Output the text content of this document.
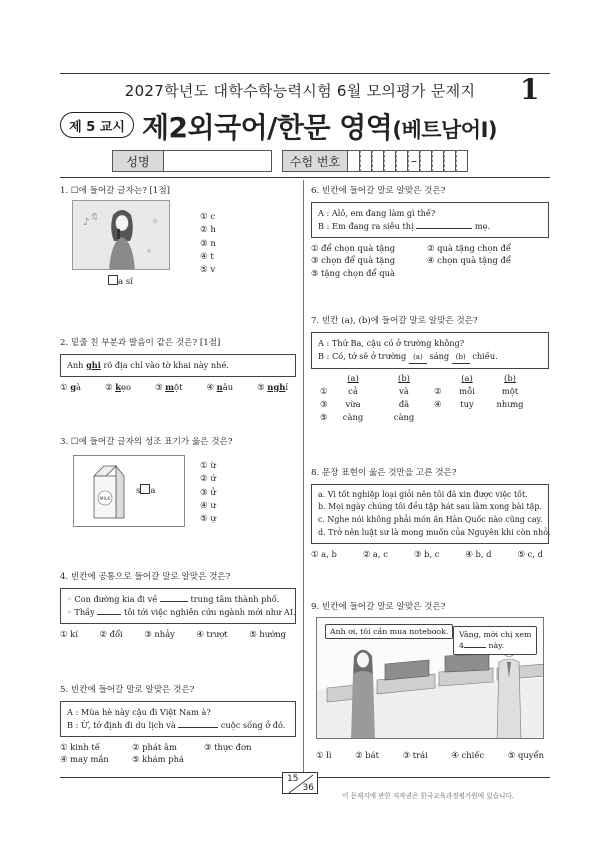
2027학년도 대학수학능력시험 6월 모의평가 문제지	1
제 5 교시 제2외국어/한문 영역(베트남어Ⅰ)
성명	수험 번호	–
1. ☐에 들어갈 글자는? [1점]
♪
♫
a sĩ
① c
② h
③ n
④ t
⑤ v
2. 밑줄 친 부분과 발음이 같은 것은? [1점]
Anh ghi rõ địa chỉ vào tờ khai này nhé.
① gà	② kẹo	③ một	④ nâu	⑤ nghỉ
3. ☐에 들어갈 글자의 성조 표기가 옳은 것은?
MILK
s a
① ừ
② ứ
③ ử
④ ư
⑤ ự
4. 빈칸에 공통으로 들어갈 말로 알맞은 것은?
◦ Con đường kia đi về	trung tâm thành phố.
◦ Thầy	tôi tới việc nghiên cứu ngành mới như AI.
① kí	② đổi	③ nhảy	④ trượt	⑤ hướng
5. 빈칸에 들어갈 말로 알맞은 것은?
A : Mùa hè này cậu đi Việt Nam à?
B : Ừ, tớ định đi du lịch và	cuộc sống ở đó.
① kinh tế	② phát âm	③ thực đơn
④ may mắn	⑤ khám phá
6. 빈칸에 들어갈 말로 알맞은 것은?
A : Alô, em đang làm gì thế?
B : Em đang ra siêu thị	mẹ.
① để chọn quà tặng	② quà tặng chọn để
③ chọn để quà tặng	④ chọn quà tặng để
⑤ tặng chọn để quà
7. 빈칸 (a), (b)에 들어갈 말로 알맞은 것은?
A : Thứ Ba, cậu có ở trường không?
B : Có, tớ sẽ ở trường (a) sáng (b) chiều.
(a)	(b)	(a)	(b)
①	cả	và	②	mỗi	một
③	vừa	đã	④	tuy	nhưng
⑤	càng	càng
8. 문장 표현이 옳은 것만을 고른 것은?
a. Vì tốt nghiệp loại giỏi nên tôi đã xin được việc tốt.
b. Mọi ngày chúng tôi đều tập hát sau làm xong bài tập.
c. Nghe nói không phải món ăn Hàn Quốc nào cũng cay.
d. Trở nên luật sư là mong muốn của Nguyên khi còn nhỏ.
① a, b	② a, c	③ b, c	④ b, d	⑤ c, d
9. 빈칸에 들어갈 말로 알맞은 것은?
Anh ơi, tôi cần mua notebook.	Vâng, mời chị xem
4	này.
① lì	② bát	③ trái	④ chiếc	⑤ quyển
15
36
이 문제지에 관한 저작권은 한국교육과정평가원에 있습니다.
